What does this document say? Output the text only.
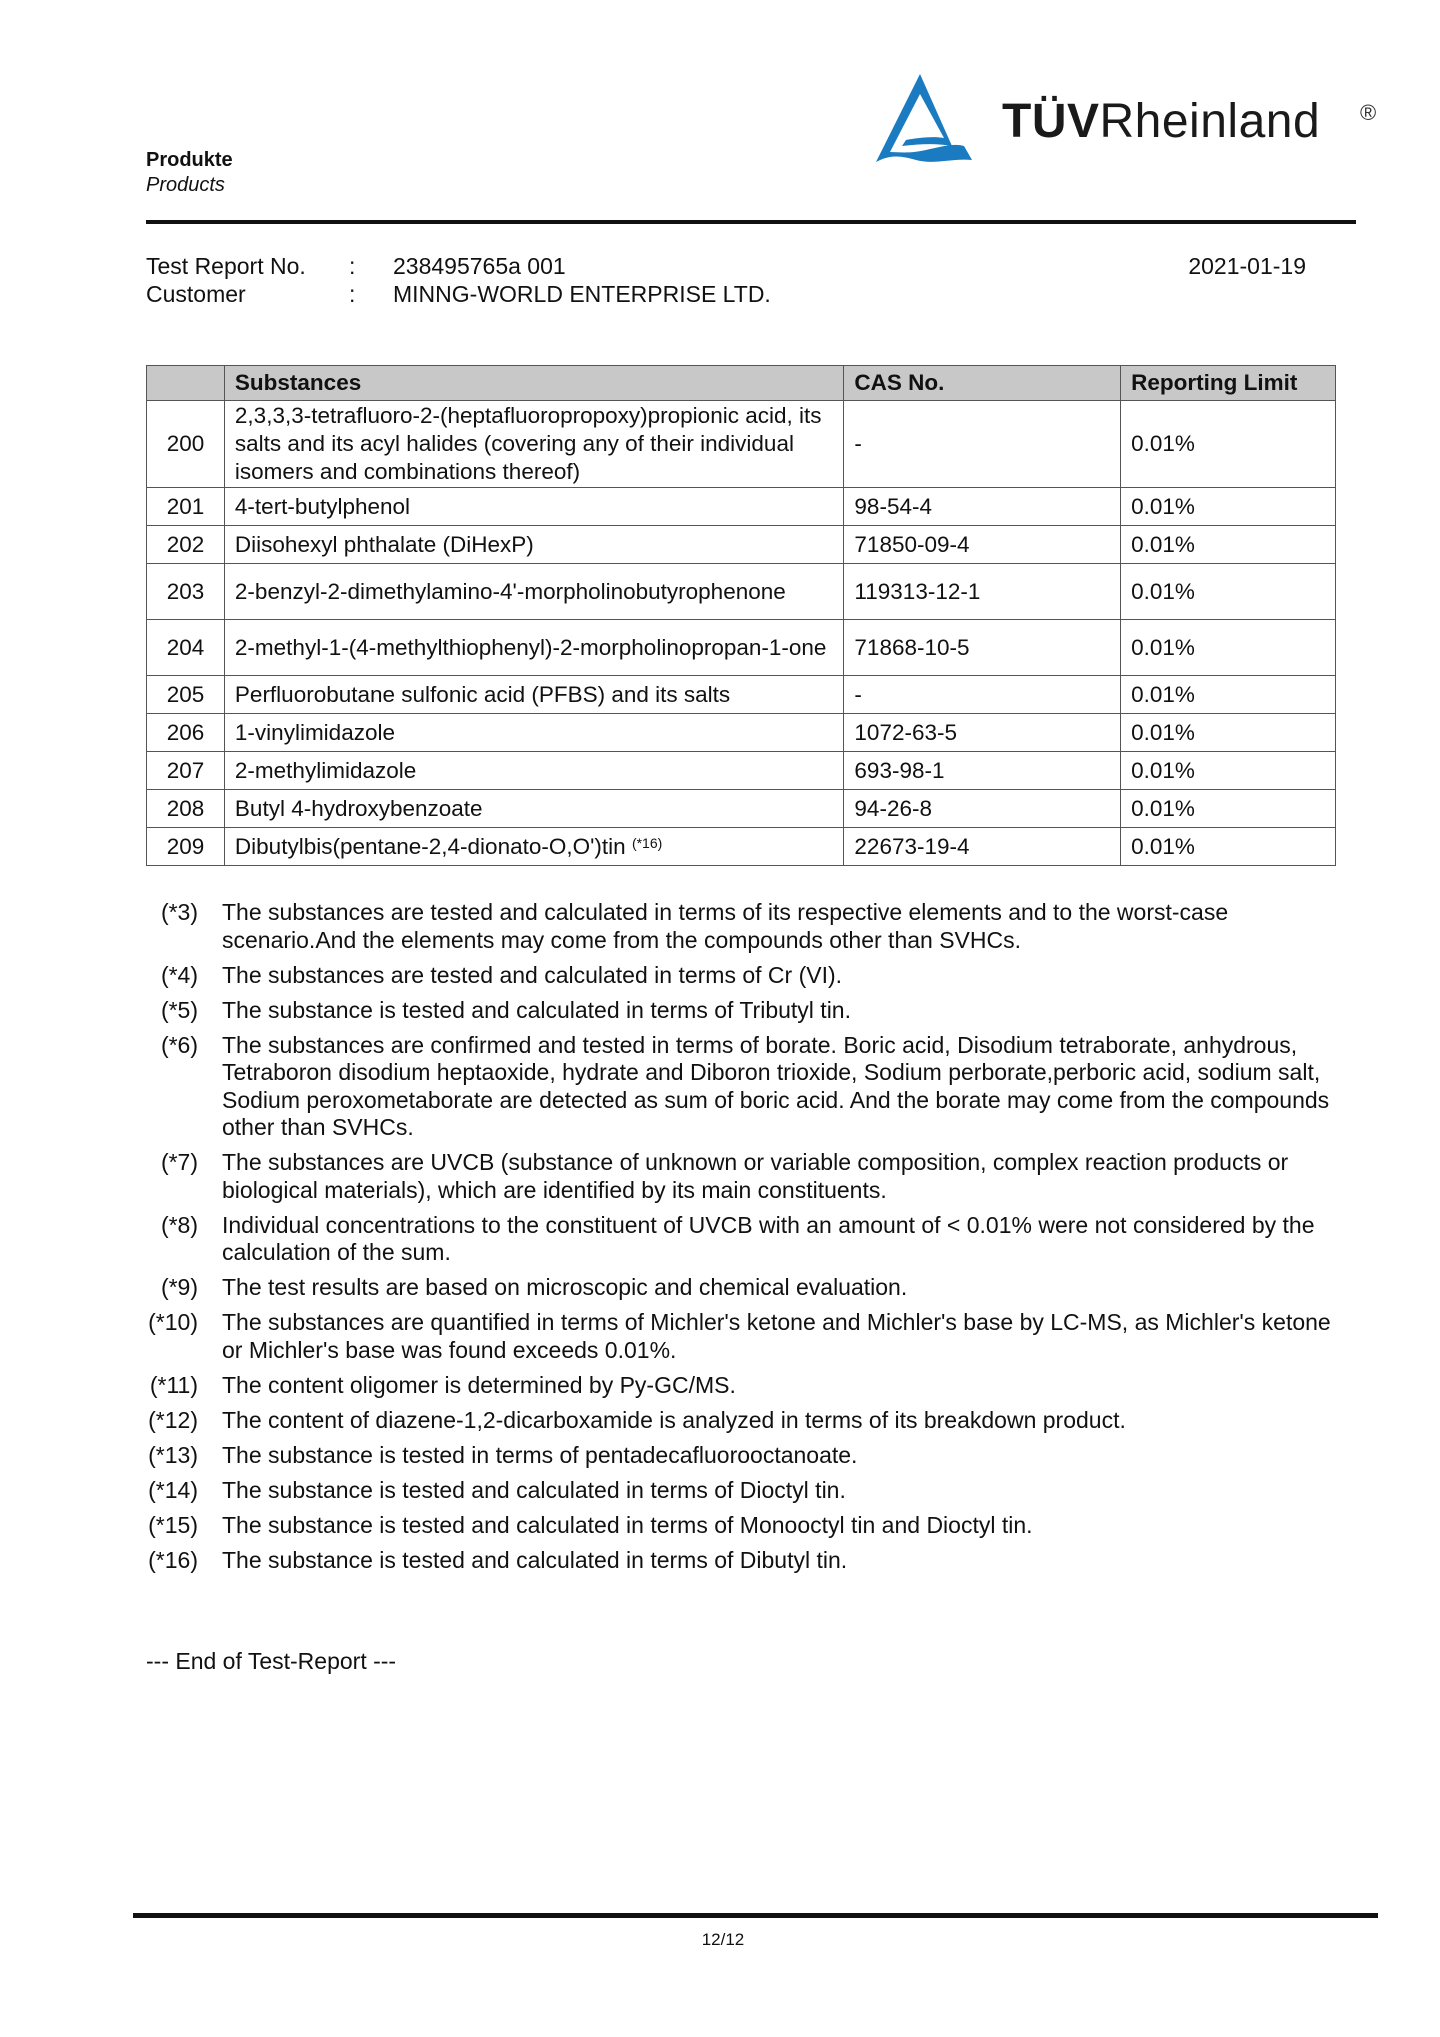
TÜVRheinland ®
Produkte
Products
Test Report No. : 238495765a 001	2021-01-19
Customer	: MINNG-WORLD ENTERPRISE LTD.
	Substances	CAS No.	Reporting Limit
200	2,3,3,3-tetrafluoro-2-(heptafluoropropoxy)propionic acid, its salts and its acyl halides (covering any of their individual isomers and combinations thereof)	-	0.01%
201	4-tert-butylphenol	98-54-4	0.01%
202	Diisohexyl phthalate (DiHexP)	71850-09-4	0.01%
203	2-benzyl-2-dimethylamino-4'-morpholinobutyrophenone	119313-12-1	0.01%
204	2-methyl-1-(4-methylthiophenyl)-2-morpholinopropan-1-one	71868-10-5	0.01%
205	Perfluorobutane sulfonic acid (PFBS) and its salts	-	0.01%
206	1-vinylimidazole	1072-63-5	0.01%
207	2-methylimidazole	693-98-1	0.01%
208	Butyl 4-hydroxybenzoate	94-26-8	0.01%
209	Dibutylbis(pentane-2,4-dionato-O,O')tin $^{(*16)}$	22673-19-4	0.01%
(*3) The substances are tested and calculated in terms of its respective elements and to the worst-case scenario.And the elements may come from the compounds other than SVHCs.
(*4) The substances are tested and calculated in terms of Cr (VI).
(*5) The substance is tested and calculated in terms of Tributyl tin.
(*6) The substances are confirmed and tested in terms of borate. Boric acid, Disodium tetraborate, anhydrous, Tetraboron disodium heptaoxide, hydrate and Diboron trioxide, Sodium perborate,perboric acid, sodium salt, Sodium peroxometaborate are detected as sum of boric acid. And the borate may come from the compounds other than SVHCs.
(*7) The substances are UVCB (substance of unknown or variable composition, complex reaction products or biological materials), which are identified by its main constituents.
(*8) Individual concentrations to the constituent of UVCB with an amount of < 0.01% were not considered by the calculation of the sum.
(*9) The test results are based on microscopic and chemical evaluation.
(*10) The substances are quantified in terms of Michler's ketone and Michler's base by LC-MS, as Michler's ketone or Michler's base was found exceeds 0.01%.
(*11) The content oligomer is determined by Py-GC/MS.
(*12) The content of diazene-1,2-dicarboxamide is analyzed in terms of its breakdown product.
(*13) The substance is tested in terms of pentadecafluorooctanoate.
(*14) The substance is tested and calculated in terms of Dioctyl tin.
(*15) The substance is tested and calculated in terms of Monooctyl tin and Dioctyl tin.
(*16) The substance is tested and calculated in terms of Dibutyl tin.
--- End of Test-Report ---
12/12
